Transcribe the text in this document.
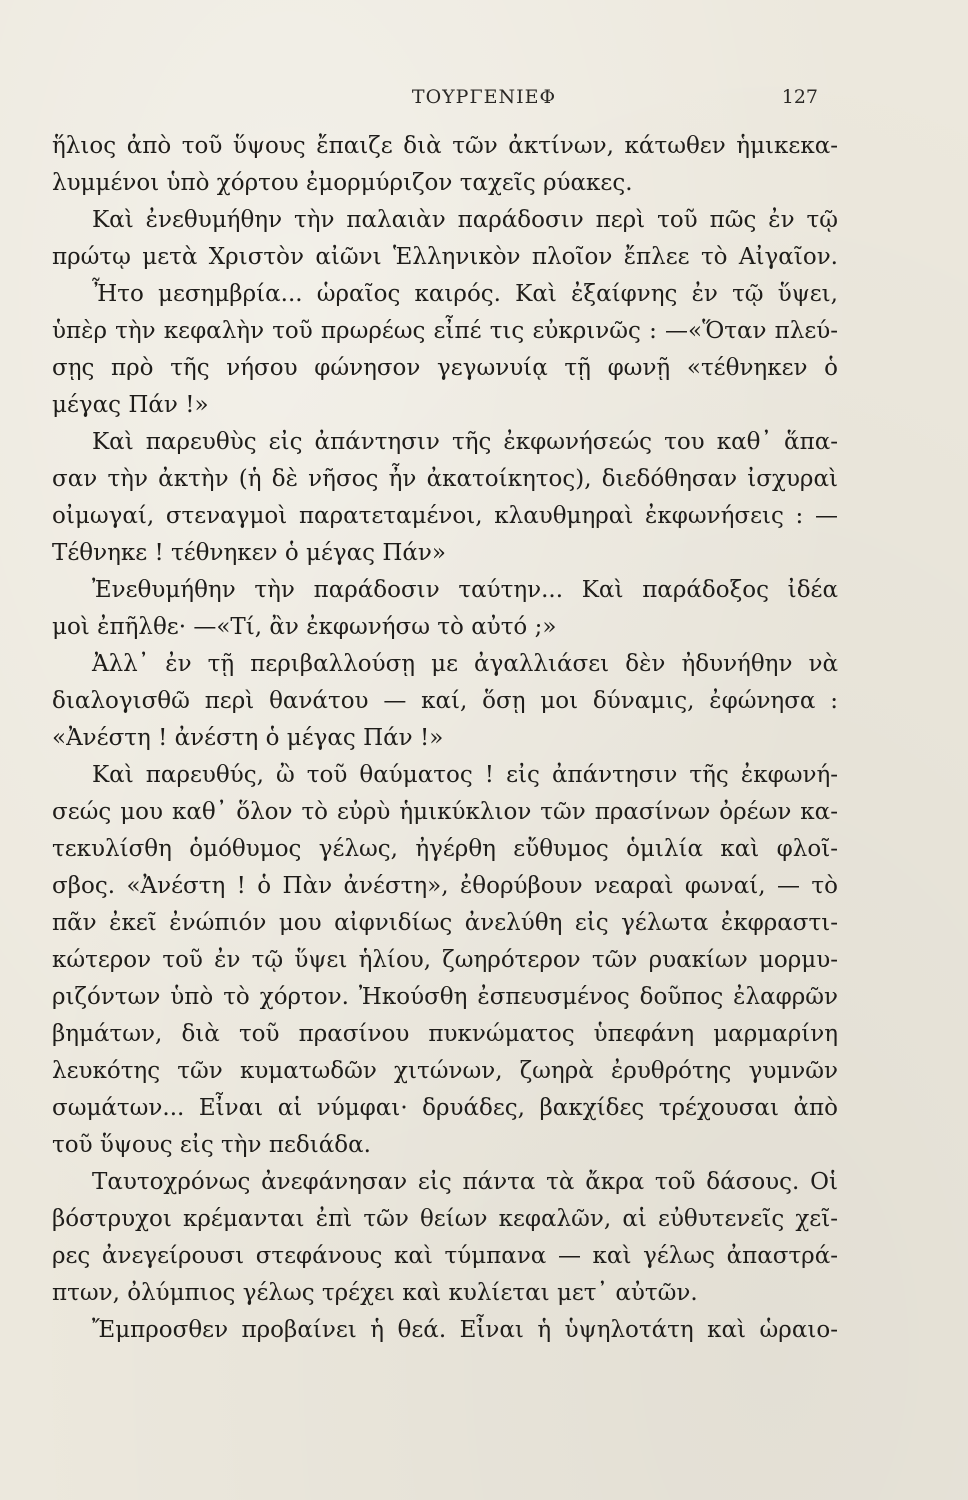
ΤΟΥΡΓΕΝΙΕΦ	127
ἥλιος ἀπὸ τοῦ ὕψους ἔπαιζε διὰ τῶν ἀκτίνων, κάτωθεν ἡμικεκα-
λυμμένοι ὑπὸ χόρτου ἐμορμύριζον ταχεῖς ρύακες.
Καὶ ἐνεθυμήθην τὴν παλαιὰν παράδοσιν περὶ τοῦ πῶς ἐν τῷ
πρώτῳ μετὰ Χριστὸν αἰῶνι Ἑλληνικὸν πλοῖον ἔπλεε τὸ Αἰγαῖον.
Ἦτο μεσημβρία... ὡραῖος καιρός. Καὶ ἐξαίφνης ἐν τῷ ὕψει,
ὑπὲρ τὴν κεφαλὴν τοῦ πρωρέως εἶπέ τις εὐκρινῶς : —«Ὅταν πλεύ-
σῃς πρὸ τῆς νήσου φώνησον γεγωνυίᾳ τῇ φωνῇ «τέθνηκεν ὁ
μέγας Πάν !»
Καὶ παρευθὺς εἰς ἀπάντησιν τῆς ἐκφωνήσεώς του καθ᾽ ἅπα-
σαν τὴν ἀκτὴν (ἡ δὲ νῆσος ἦν ἀκατοίκητος), διεδόθησαν ἰσχυραὶ
οἰμωγαί, στεναγμοὶ παρατεταμένοι, κλαυθμηραὶ ἐκφωνήσεις : —
Τέθνηκε ! τέθνηκεν ὁ μέγας Πάν»
Ἐνεθυμήθην τὴν παράδοσιν ταύτην... Καὶ παράδοξος ἰδέα
μοὶ ἐπῆλθε· —«Τί, ἂν ἐκφωνήσω τὸ αὐτό ;»
Ἀλλ᾽ ἐν τῇ περιβαλλούσῃ με ἀγαλλιάσει δὲν ἠδυνήθην νὰ
διαλογισθῶ περὶ θανάτου — καί, ὅσῃ μοι δύναμις, ἐφώνησα :
«Ἀνέστη ! ἀνέστη ὁ μέγας Πάν !»
Καὶ παρευθύς, ὢ τοῦ θαύματος ! εἰς ἀπάντησιν τῆς ἐκφωνή-
σεώς μου καθ᾽ ὅλον τὸ εὐρὺ ἡμικύκλιον τῶν πρασίνων ὀρέων κα-
τεκυλίσθη ὁμόθυμος γέλως, ἠγέρθη εὔθυμος ὁμιλία καὶ φλοῖ-
σβος. «Ἀνέστη ! ὁ Πὰν ἀνέστη», ἐθορύβουν νεαραὶ φωναί, — τὸ
πᾶν ἐκεῖ ἐνώπιόν μου αἰφνιδίως ἀνελύθη εἰς γέλωτα ἐκφραστι-
κώτερον τοῦ ἐν τῷ ὕψει ἡλίου, ζωηρότερον τῶν ρυακίων μορμυ-
ριζόντων ὑπὸ τὸ χόρτον. Ἠκούσθη ἐσπευσμένος δοῦπος ἐλαφρῶν
βημάτων, διὰ τοῦ πρασίνου πυκνώματος ὑπεφάνη μαρμαρίνη
λευκότης τῶν κυματωδῶν χιτώνων, ζωηρὰ ἐρυθρότης γυμνῶν
σωμάτων... Εἶναι αἱ νύμφαι· δρυάδες, βακχίδες τρέχουσαι ἀπὸ
τοῦ ὕψους εἰς τὴν πεδιάδα.
Ταυτοχρόνως ἀνεφάνησαν εἰς πάντα τὰ ἄκρα τοῦ δάσους. Οἱ
βόστρυχοι κρέμανται ἐπὶ τῶν θείων κεφαλῶν, αἱ εὐθυτενεῖς χεῖ-
ρες ἀνεγείρουσι στεφάνους καὶ τύμπανα — καὶ γέλως ἀπαστρά-
πτων, ὀλύμπιος γέλως τρέχει καὶ κυλίεται μετ᾽ αὐτῶν.
Ἔμπροσθεν προβαίνει ἡ θεά. Εἶναι ἡ ὑψηλοτάτη καὶ ὡραιο-
